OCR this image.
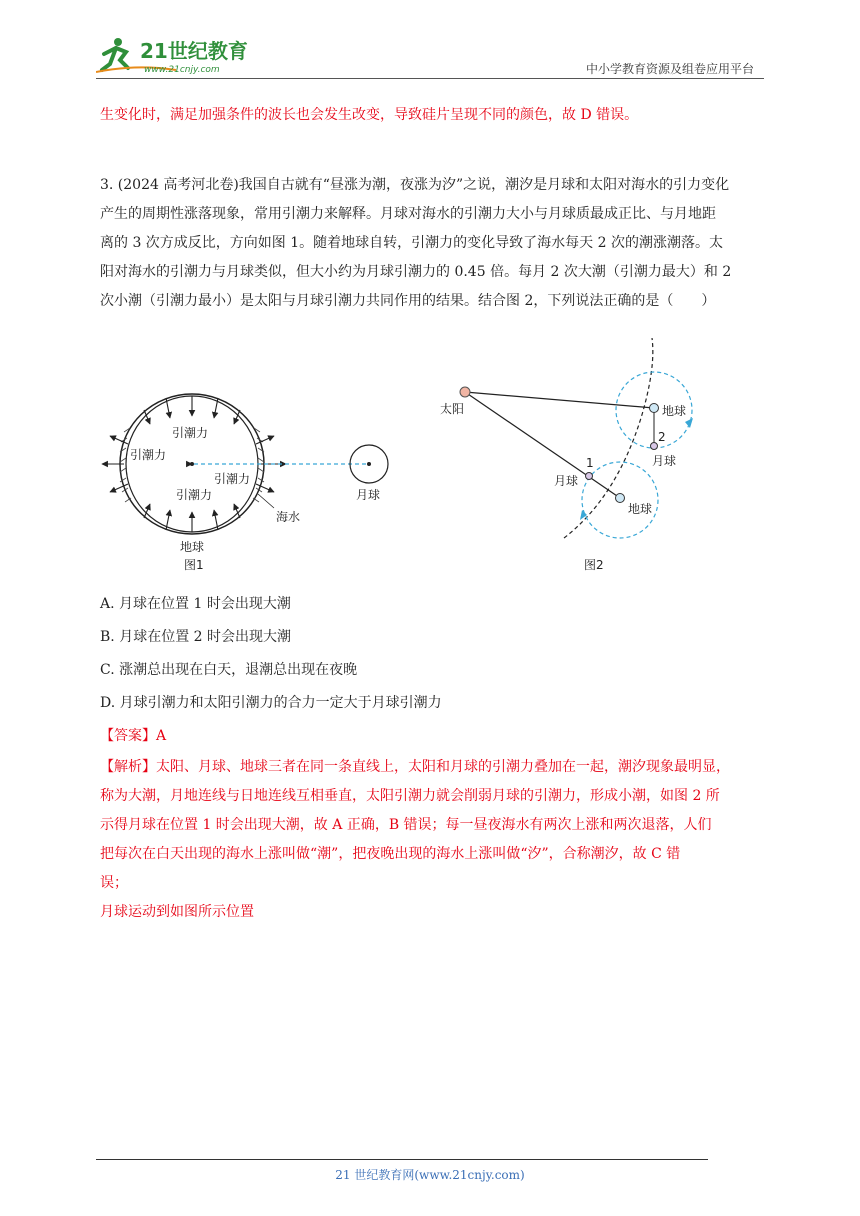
21世纪教育
www.21cnjy.com	中小学教育资源及组卷应用平台
生变化时，满足加强条件的波长也会发生改变，导致硅片呈现不同的颜色，故 D 错误。
3. (2024 高考河北卷)我国自古就有“昼涨为潮，夜涨为汐”之说，潮汐是月球和太阳对海水的引力变化
产生的周期性涨落现象，常用引潮力来解释。月球对海水的引潮力大小与月球质最成正比、与月地距
离的 3 次方成反比，方向如图 1。随着地球自转，引潮力的变化导致了海水每天 2 次的潮涨潮落。太
阳对海水的引潮力与月球类似，但大小约为月球引潮力的 0.45 倍。每月 2 次大潮（引潮力最大）和 2
次小潮（引潮力最小）是太阳与月球引潮力共同作用的结果。结合图 2，下列说法正确的是（　　）
引潮力
引潮力
引潮力
引潮力	月球
海水
地球
图1
太阳	地球
2
月球
1
月球
地球
图2
A. 月球在位置 1 时会出现大潮
B. 月球在位置 2 时会出现大潮
C. 涨潮总出现在白天，退潮总出现在夜晚
D. 月球引潮力和太阳引潮力的合力一定大于月球引潮力
【答案】A
【解析】太阳、月球、地球三者在同一条直线上，太阳和月球的引潮力叠加在一起，潮汐现象最明显，
称为大潮，月地连线与日地连线互相垂直，太阳引潮力就会削弱月球的引潮力，形成小潮，如图 2 所
示得月球在位置 1 时会出现大潮，故 A 正确，B 错误；每一昼夜海水有两次上涨和两次退落，人们
把每次在白天出现的海水上涨叫做“潮”，把夜晚出现的海水上涨叫做“汐”，合称潮汐，故 C 错
误；
月球运动到如图所示位置
21 世纪教育网(www.21cnjy.com)
